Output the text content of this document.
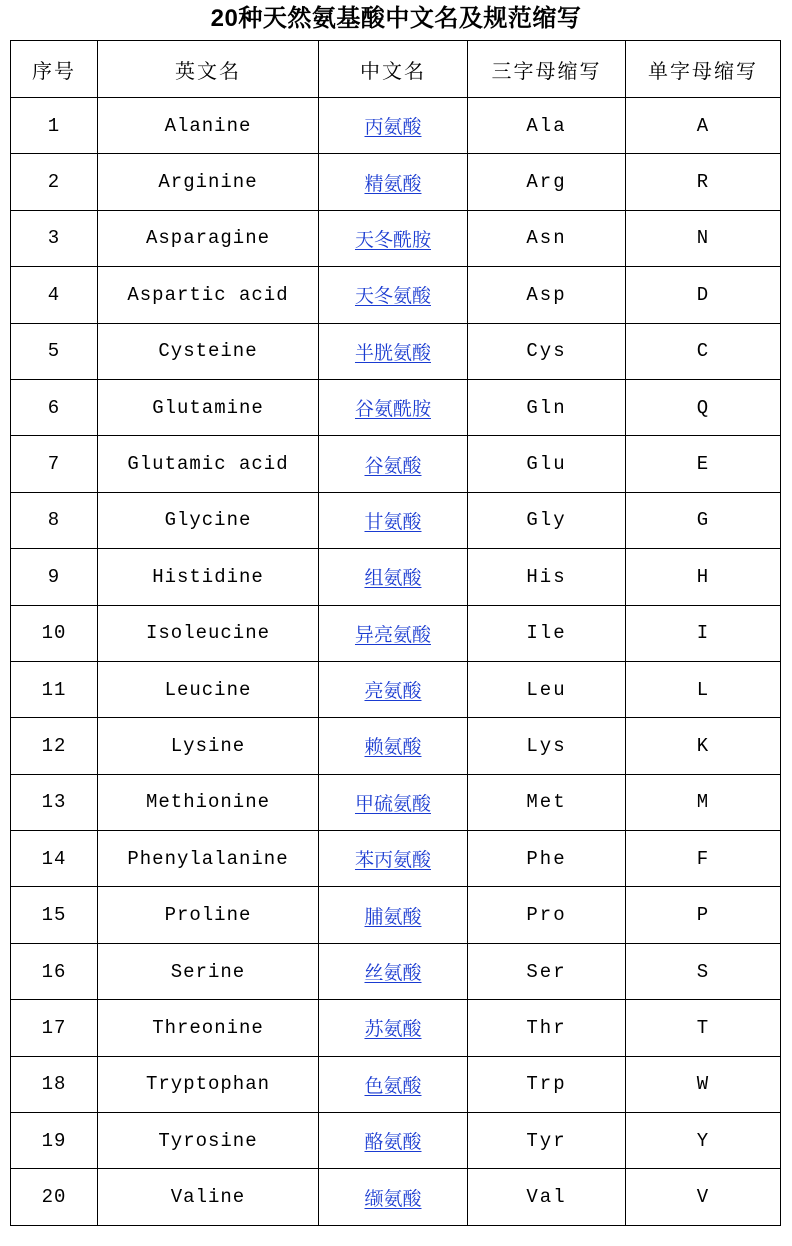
20种天然氨基酸中文名及规范缩写
序号	英文名	中文名	三字母缩写	单字母缩写
1	Alanine	丙氨酸	Ala	A
2	Arginine	精氨酸	Arg	R
3	Asparagine	天冬酰胺	Asn	N
4	Aspartic acid	天冬氨酸	Asp	D
5	Cysteine	半胱氨酸	Cys	C
6	Glutamine	谷氨酰胺	Gln	Q
7	Glutamic acid	谷氨酸	Glu	E
8	Glycine	甘氨酸	Gly	G
9	Histidine	组氨酸	His	H
10	Isoleucine	异亮氨酸	Ile	I
11	Leucine	亮氨酸	Leu	L
12	Lysine	赖氨酸	Lys	K
13	Methionine	甲硫氨酸	Met	M
14	Phenylalanine	苯丙氨酸	Phe	F
15	Proline	脯氨酸	Pro	P
16	Serine	丝氨酸	Ser	S
17	Threonine	苏氨酸	Thr	T
18	Tryptophan	色氨酸	Trp	W
19	Tyrosine	酪氨酸	Tyr	Y
20	Valine	缬氨酸	Val	V
